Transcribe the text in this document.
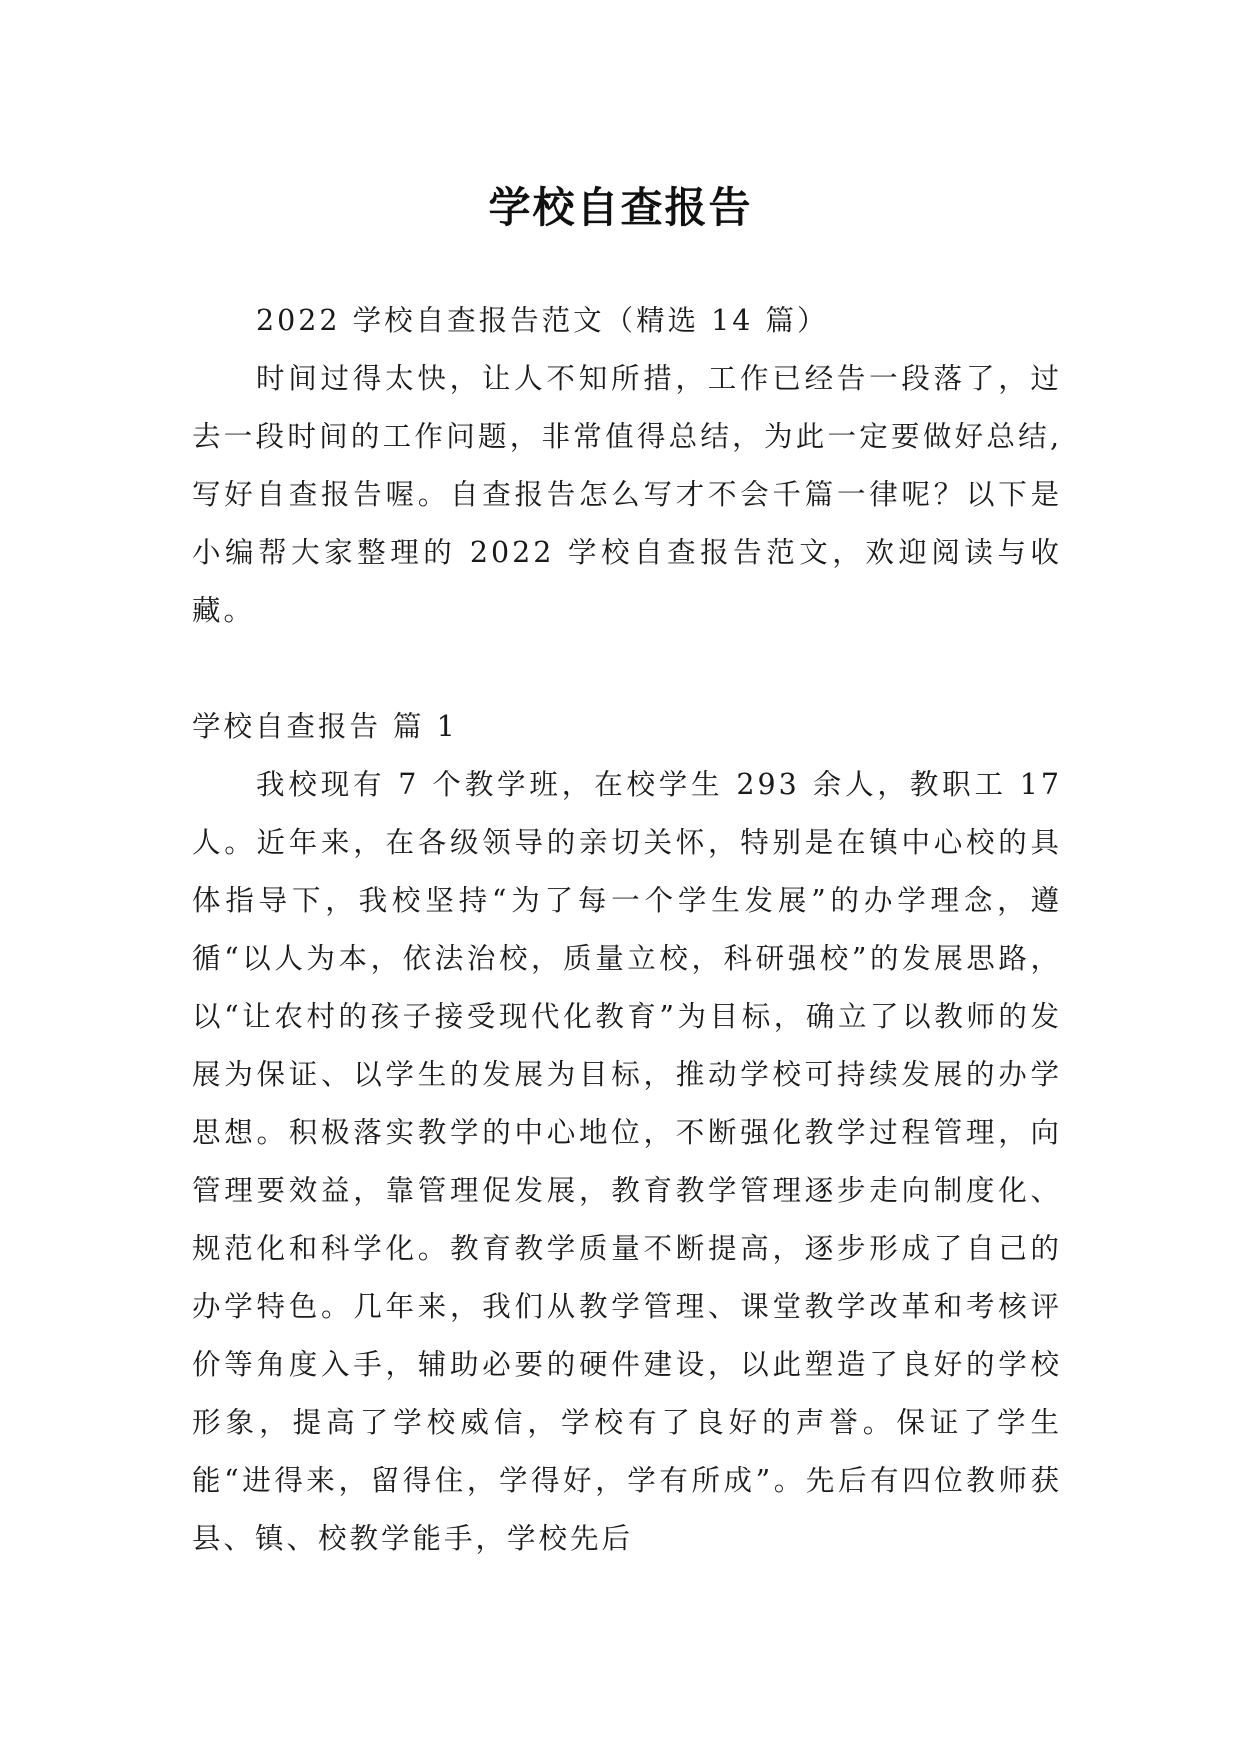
学校自查报告

2022 学校自查报告范文（精选 14 篇）

时间过得太快，让人不知所措，工作已经告一段落了，过去一段时间的工作问题，非常值得总结，为此一定要做好总结,写好自查报告喔。自查报告怎么写才不会千篇一律呢？以下是小编帮大家整理的 2022 学校自查报告范文，欢迎阅读与收藏。

学校自查报告 篇 1

我校现有 7 个教学班，在校学生 293 余人，教职工 17 人。近年来，在各级领导的亲切关怀，特别是在镇中心校的具体指导下，我校坚持“为了每一个学生发展”的办学理念，遵循“以人为本，依法治校，质量立校，科研强校”的发展思路，以“让农村的孩子接受现代化教育”为目标，确立了以教师的发展为保证、以学生的发展为目标，推动学校可持续发展的办学思想。积极落实教学的中心地位，不断强化教学过程管理，向管理要效益，靠管理促发展，教育教学管理逐步走向制度化、规范化和科学化。教育教学质量不断提高，逐步形成了自己的办学特色。几年来，我们从教学管理、课堂教学改革和考核评价等角度入手，辅助必要的硬件建设，以此塑造了良好的学校形象，提高了学校威信，学校有了良好的声誉。保证了学生能“进得来，留得住，学得好，学有所成”。先后有四位教师获县、镇、校教学能手，学校先后
